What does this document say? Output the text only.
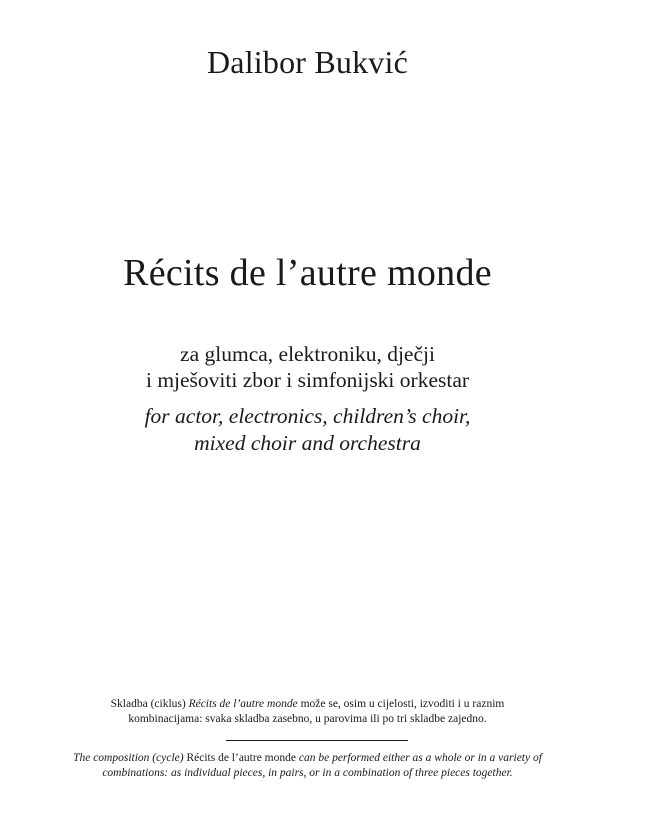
Dalibor Bukvić
Récits de l’autre monde
za glumca, elektroniku, dječji
i mješoviti zbor i simfonijski orkestar
for actor, electronics, children’s choir,
mixed choir and orchestra
Skladba (ciklus) Récits de l’autre monde može se, osim u cijelosti, izvoditi i u raznim
kombinacijama: svaka skladba zasebno, u parovima ili po tri skladbe zajedno.
The composition (cycle) Récits de l’autre monde can be performed either as a whole or in a variety of
combinations: as individual pieces, in pairs, or in a combination of three pieces together.
